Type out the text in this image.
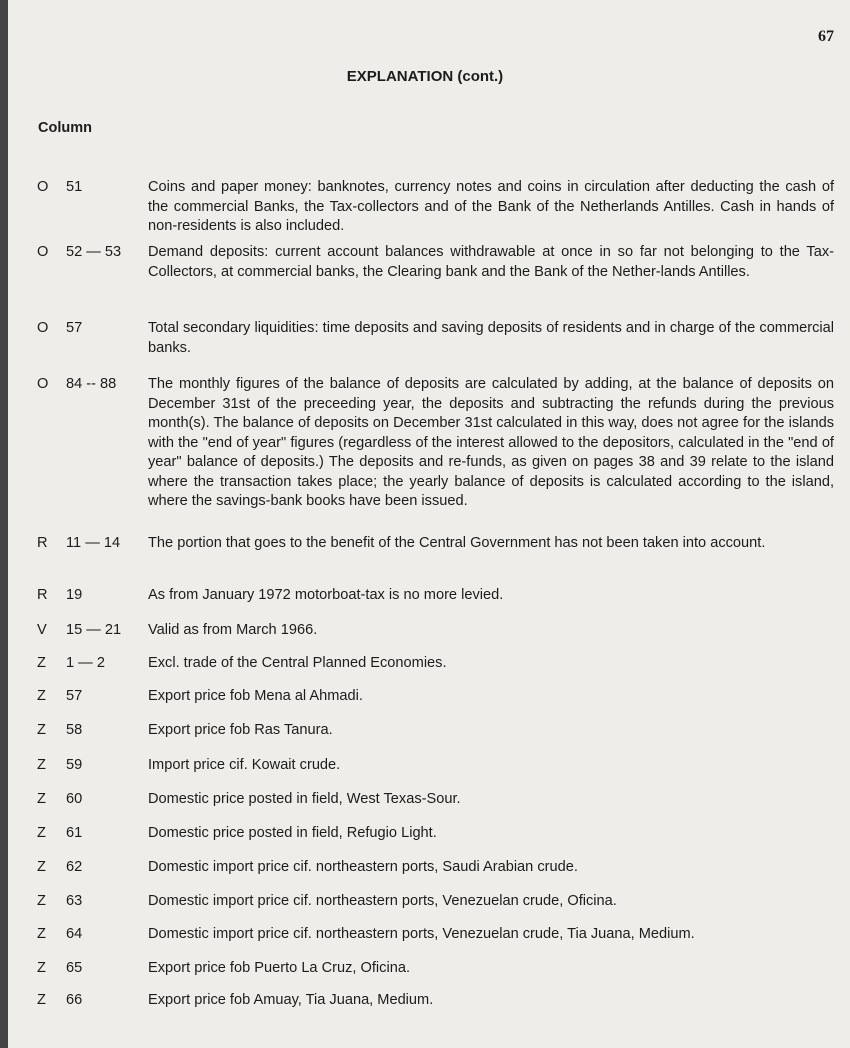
67
EXPLANATION (cont.)
Column
O	51	Coins and paper money: banknotes, currency notes and coins in circulation after deducting the cash of the commercial Banks, the Tax-collectors and of the Bank of the Netherlands Antilles. Cash in hands of non-residents is also included.
O	52 — 53	Demand deposits: current account balances withdrawable at once in so far not belonging to the Tax-Collectors, at commercial banks, the Clearing bank and the Bank of the Nether-lands Antilles.
O	57	Total secondary liquidities: time deposits and saving deposits of residents and in charge of the commercial banks.
O	84 -- 88	The monthly figures of the balance of deposits are calculated by adding, at the balance of deposits on December 31st of the preceeding year, the deposits and subtracting the refunds during the previous month(s). The balance of deposits on December 31st calculated in this way, does not agree for the islands with the "end of year" figures (regardless of the interest allowed to the depositors, calculated in the "end of year" balance of deposits.) The deposits and re-funds, as given on pages 38 and 39 relate to the island where the transaction takes place; the yearly balance of deposits is calculated according to the island, where the savings-bank books have been issued.
R	11 — 14	The portion that goes to the benefit of the Central Government has not been taken into account.
R	19	As from January 1972 motorboat-tax is no more levied.
V	15 — 21	Valid as from March 1966.
Z	1 — 2	Excl. trade of the Central Planned Economies.
Z	57	Export price fob Mena al Ahmadi.
Z	58	Export price fob Ras Tanura.
Z	59	Import price cif. Kowait crude.
Z	60	Domestic price posted in field, West Texas-Sour.
Z	61	Domestic price posted in field, Refugio Light.
Z	62	Domestic import price cif. northeastern ports, Saudi Arabian crude.
Z	63	Domestic import price cif. northeastern ports, Venezuelan crude, Oficina.
Z	64	Domestic import price cif. northeastern ports, Venezuelan crude, Tia Juana, Medium.
Z	65	Export price fob Puerto La Cruz, Oficina.
Z	66	Export price fob Amuay, Tia Juana, Medium.
